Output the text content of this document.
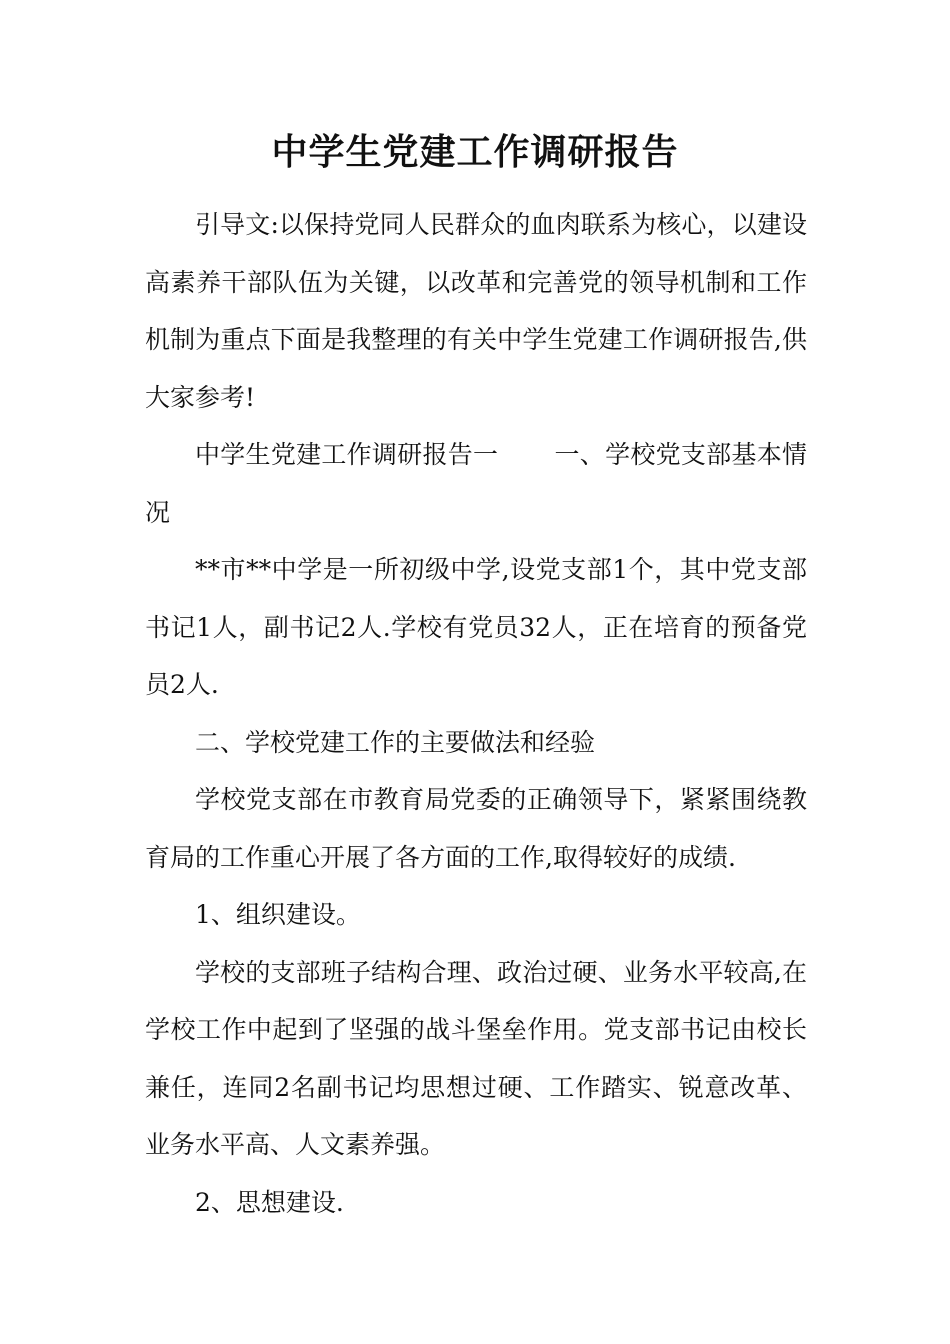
中学生党建工作调研报告

引导文:以保持党同人民群众的血肉联系为核心，以建设高素养干部队伍为关键，以改革和完善党的领导机制和工作机制为重点下面是我整理的有关中学生党建工作调研报告,供大家参考!

中学生党建工作调研报告一 一、学校党支部基本情况

**市**中学是一所初级中学,设党支部1个，其中党支部书记1人，副书记2人.学校有党员32人，正在培育的预备党员2人.

二、学校党建工作的主要做法和经验

学校党支部在市教育局党委的正确领导下，紧紧围绕教育局的工作重心开展了各方面的工作,取得较好的成绩.

1、组织建设。

学校的支部班子结构合理、政治过硬、业务水平较高,在学校工作中起到了坚强的战斗堡垒作用。党支部书记由校长兼任，连同2名副书记均思想过硬、工作踏实、锐意改革、业务水平高、人文素养强。

2、思想建设.
